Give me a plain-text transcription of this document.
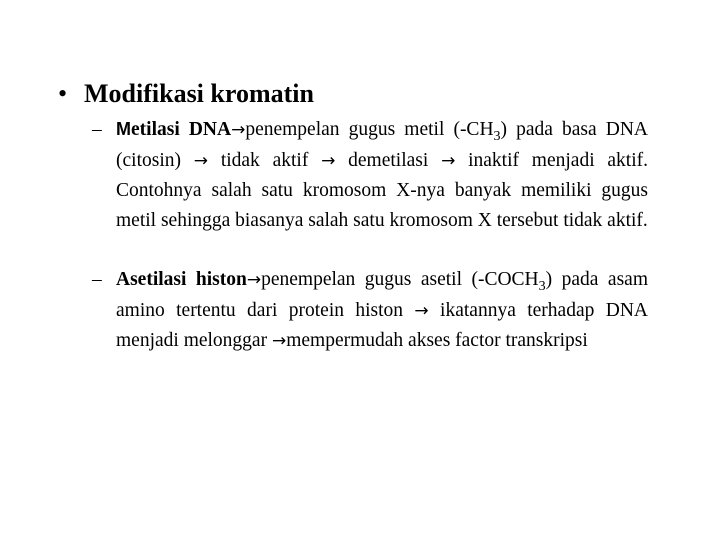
• Modifikasi kromatin
– Metilasi DNA→penempelan gugus metil $(-CH_3)$ pada basa DNA (citosin) → tidak aktif → demetilasi → inaktif menjadi aktif. Contohnya salah satu kromosom X-nya banyak memiliki gugus metil sehingga biasanya salah satu kromosom X tersebut tidak aktif.
– Asetilasi histon→penempelan gugus asetil $(-COCH_3)$ pada asam amino tertentu dari protein histon → ikatannya terhadap DNA menjadi melonggar →mempermudah akses factor transkripsi
